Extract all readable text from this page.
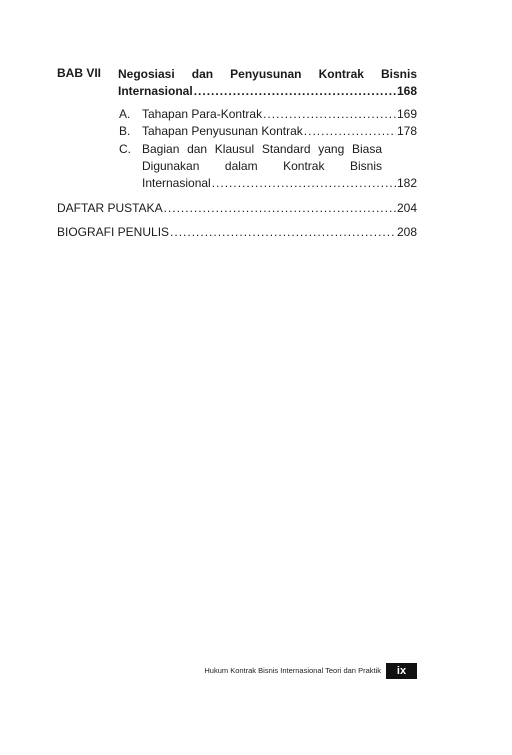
BAB VII Negosiasi dan Penyusunan Kontrak Bisnis
Internasional .....	168
A. Tahapan Para-Kontrak .....	169
B. Tahapan Penyusunan Kontrak .....	178
C. Bagian dan Klausul Standard yang Biasa
Digunakan dalam Kontrak Bisnis
Internasional .....	182
DAFTAR PUSTAKA .....	204
BIOGRAFI PENULIS .....	208
Hukum Kontrak Bisnis Internasional Teori dan Praktik	ix
